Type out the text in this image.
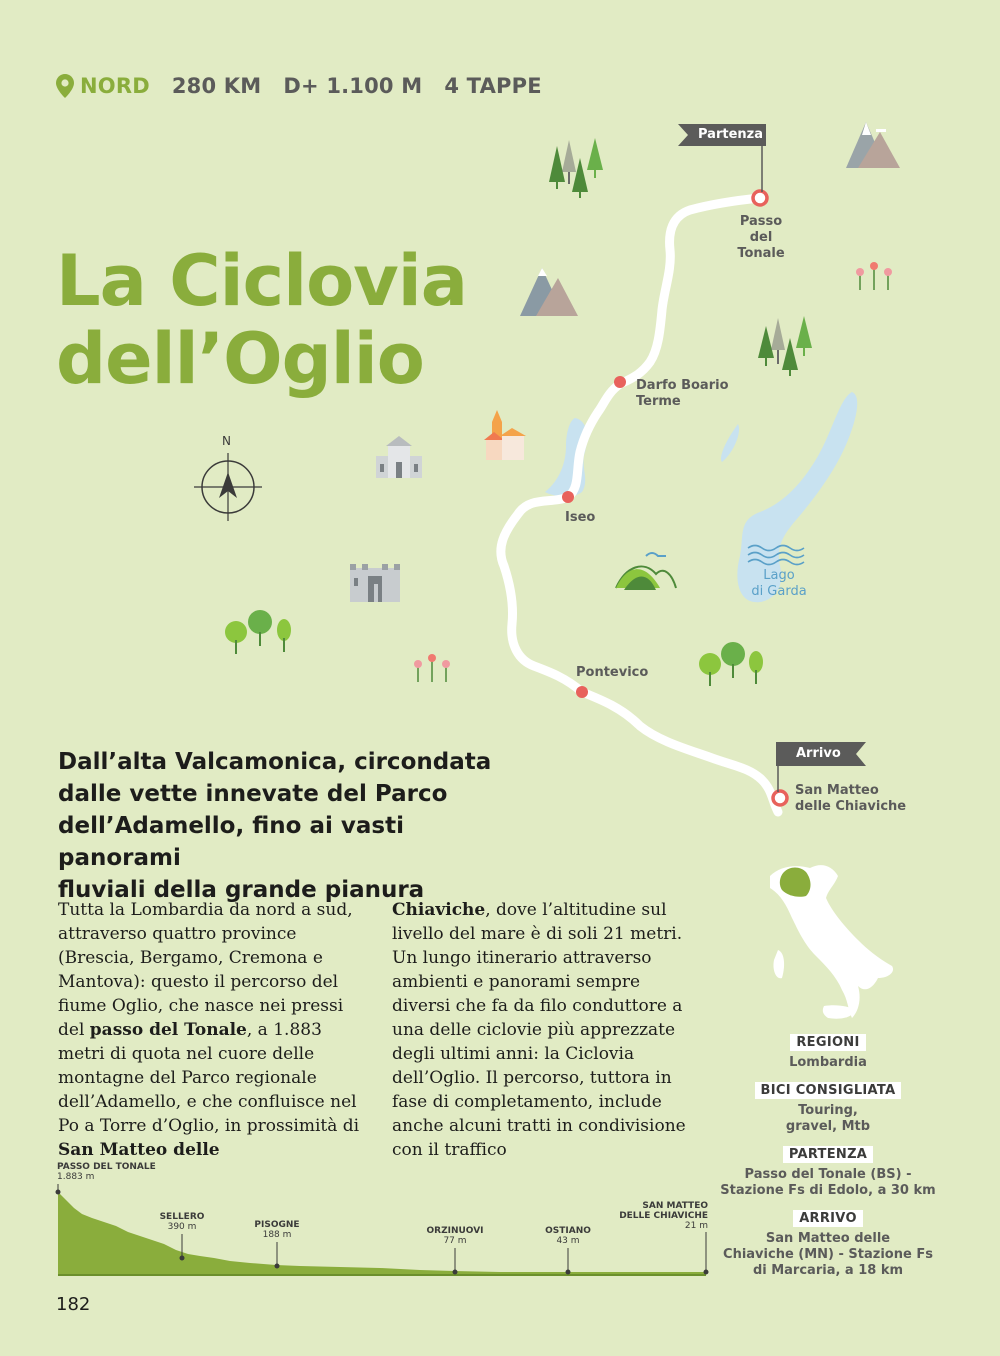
NORD 280 KM D+ 1.100 M 4 TAPPE
La Ciclovia
dell’Oglio
Partenza
Arrivo
N
Passo
del Tonale
Darfo Boario
Terme
Iseo
Lago
di Garda
Pontevico
San Matteo
delle Chiaviche
Dall’alta Valcamonica, circondata
dalle vette innevate del Parco
dell’Adamello, fino ai vasti panorami
fluviali della grande pianura
Tutta la Lombardia da nord a sud, attraverso quattro province (Brescia, Bergamo, Cremona e Mantova): questo il percorso del fiume Oglio, che nasce nei pressi del passo del Tonale, a 1.883 metri di quota nel cuore delle montagne del Parco regionale dell’Adamello, e che confluisce nel Po a Torre d’Oglio, in prossimità di San Matteo delle
Chiaviche, dove l’altitudine sul livello del mare è di soli 21 metri.
Un lungo itinerario attraverso ambienti e panorami sempre diversi che fa da filo conduttore a una delle ciclovie più apprezzate degli ultimi anni: la Ciclovia dell’Oglio. Il percorso, tuttora in fase di completamento, include anche alcuni tratti in condivisione con il traffico
REGIONI
Lombardia
BICI CONSIGLIATA
Touring,
gravel, Mtb
PARTENZA
Passo del Tonale (BS) -
Stazione Fs di Edolo, a 30 km
ARRIVO
San Matteo delle
Chiaviche (MN) - Stazione Fs
di Marcaria, a 18 km
PASSO DEL TONALE
1.883 m
SELLERO
390 m	PISOGNE
188 m	ORZINUOVI
77 m
OSTIANO
43 m
SAN MATTEO
DELLE CHIAVICHE
21 m
182
